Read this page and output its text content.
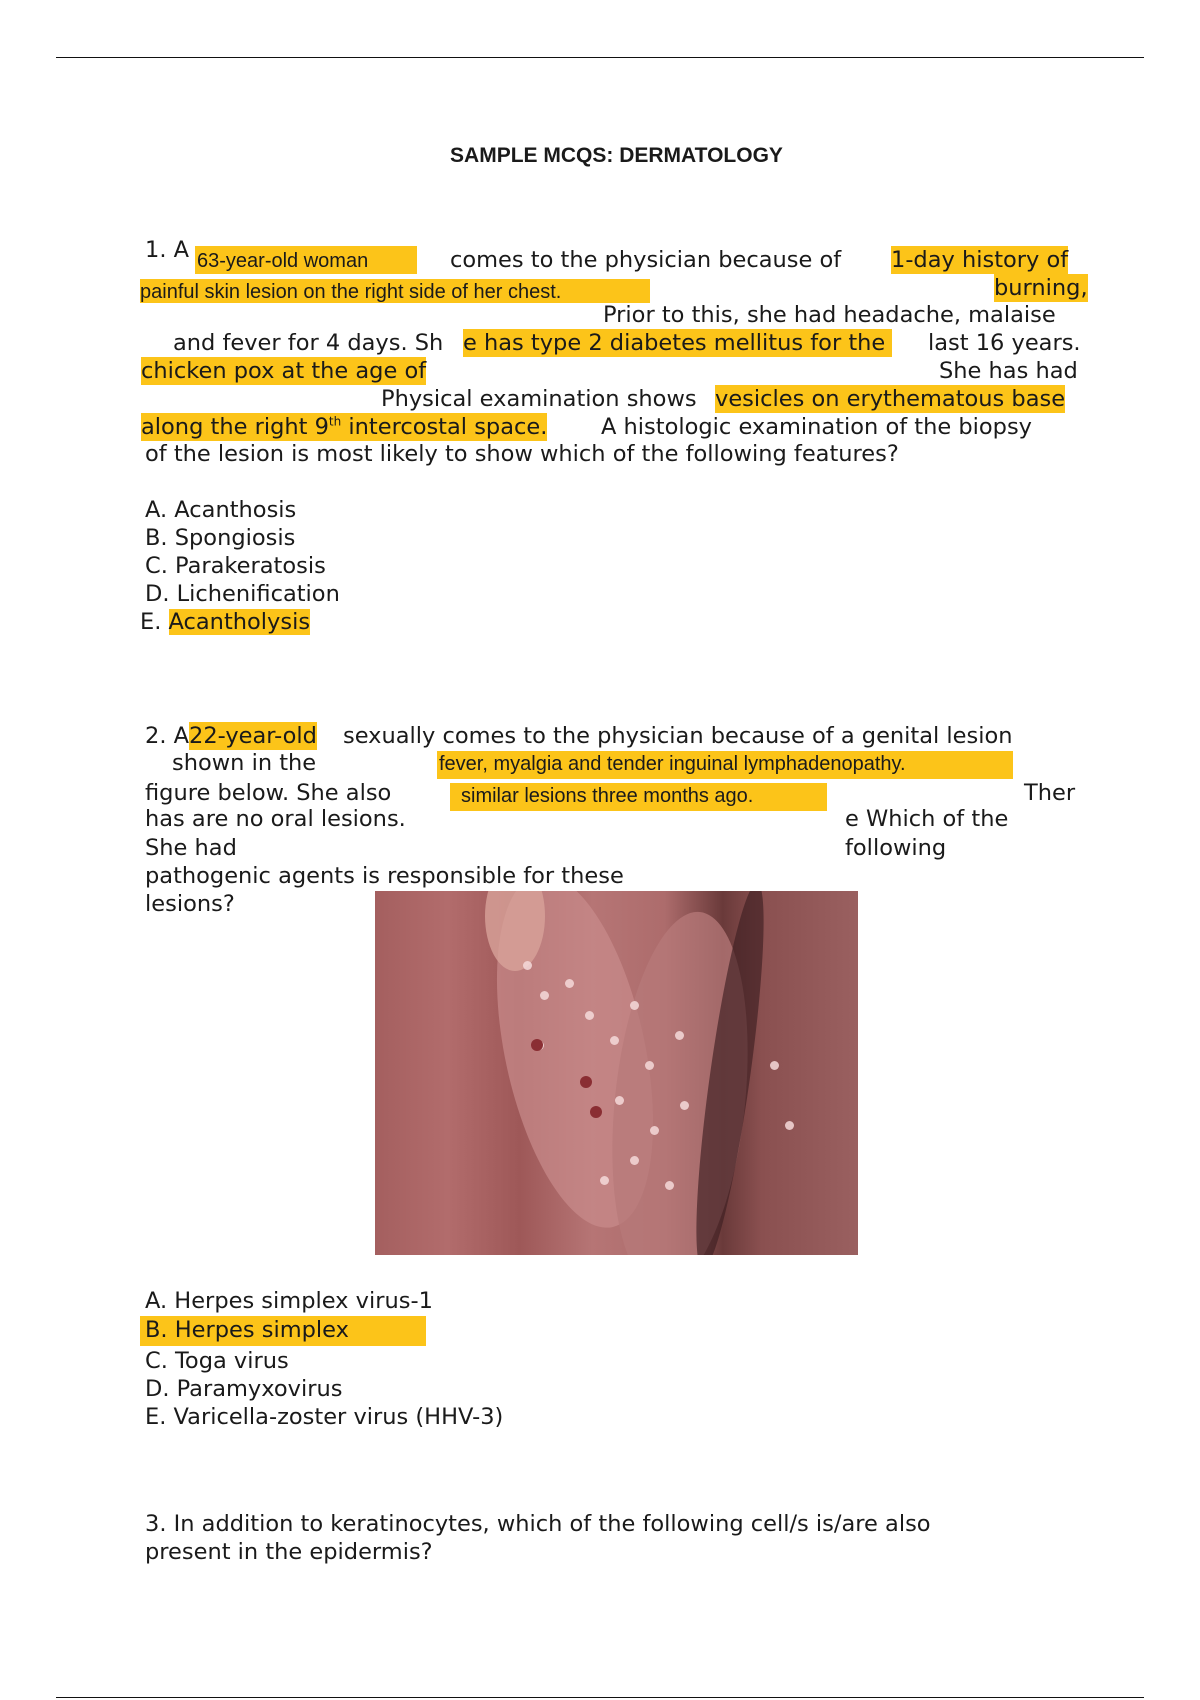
SAMPLE MCQS: DERMATOLOGY
1. A 63-year-old woman	comes to the physician because of 1-day history of
painful skin lesion on the right side of her chest.	burning,
Prior to this, she had headache, malaise
and fever for 4 days. Sh e has type 2 diabetes mellitus for the last 16 years.
chicken pox at the age of	She has had
Physical examination shows vesicles on erythematous base
along the right 9th intercostal space. A histologic examination of the biopsy
of the lesion is most likely to show which of the following features?
A. Acanthosis
B. Spongiosis
C. Parakeratosis
D. Lichenification
E. Acantholysis
2. A 22-year-old sexually comes to the physician because of a genital lesion
shown in the	fever, myalgia and tender inguinal lymphadenopathy.
figure below. She also	similar lesions three months ago.	Ther
has are no oral lesions.	e Which of the
She had	following
pathogenic agents is responsible for these
lesions?
A. Herpes simplex virus-1
B. Herpes simplex
C. Toga virus
D. Paramyxovirus
E. Varicella-zoster virus (HHV-3)
3. In addition to keratinocytes, which of the following cell/s is/are also
present in the epidermis?
